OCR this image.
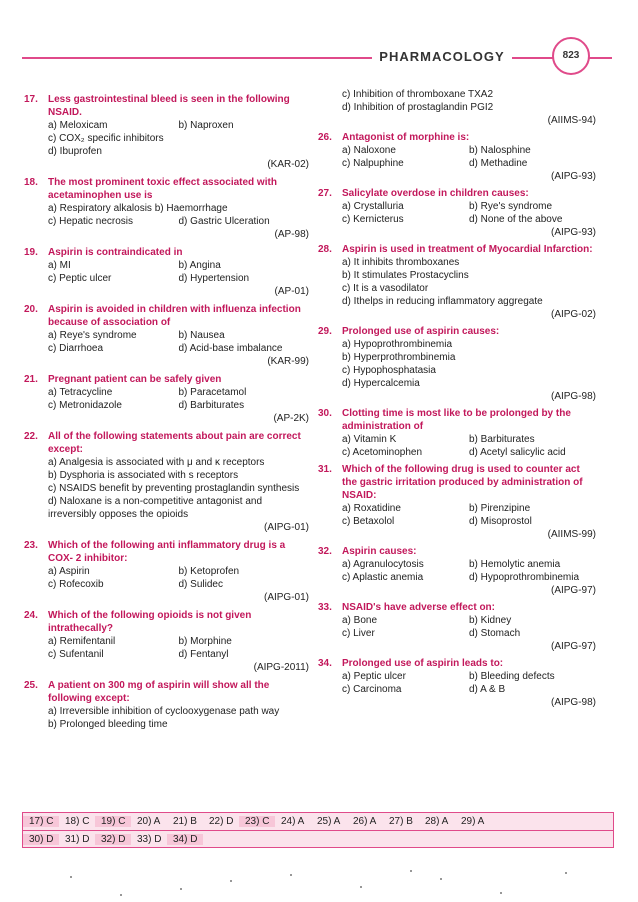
PHARMACOLOGY	823
17.	Less gastrointestinal bleed is seen in the following NSAID.
a) Meloxicam	b) Naproxen
c) COX₂ specific inhibitors
d) Ibuprofen
(KAR-02)
18.	The most prominent toxic effect associated with acetaminophen use is
a) Respiratory alkalosis b) Haemorrhage
c) Hepatic necrosis	d) Gastric Ulceration
(AP-98)
19.	Aspirin is contraindicated in
a) MI	b) Angina
c) Peptic ulcer	d) Hypertension
(AP-01)
20.	Aspirin is avoided in children with influenza infection because of association of
a) Reye's syndrome	b) Nausea
c) Diarrhoea	d) Acid-base imbalance
(KAR-99)
21.	Pregnant patient can be safely given
a) Tetracycline	b) Paracetamol
c) Metronidazole	d) Barbiturates
(AP-2K)
22.	All of the following statements about pain are correct except:
a) Analgesia is associated with μ and κ receptors
b) Dysphoria is associated with s receptors
c) NSAIDS benefit by preventing prostaglandin synthesis
d) Naloxane is a non-competitive antagonist and irreversibly opposes the opioids
(AIPG-01)
23.	Which of the following anti inflammatory drug is a COX- 2 inhibitor:
a) Aspirin	b) Ketoprofen
c) Rofecoxib	d) Sulidec
(AIPG-01)
24.	Which of the following opioids is not given intrathecally?
a) Remifentanil	b) Morphine
c) Sufentanil	d) Fentanyl
(AIPG-2011)
25.	A patient on 300 mg of aspirin will show all the following except:
a) Irreversible inhibition of cyclooxygenase path way
b) Prolonged bleeding time
c) Inhibition of thromboxane TXA2
d) Inhibition of prostaglandin PGI2
(AIIMS-94)
26.	Antagonist of morphine is:
a) Naloxone	b) Nalosphine
c) Nalpuphine	d) Methadine
(AIPG-93)
27.	Salicylate overdose in children causes:
a) Crystalluria	b) Rye's syndrome
c) Kernicterus	d) None of the above
(AIPG-93)
28.	Aspirin is used in treatment of Myocardial Infarction:
a) It inhibits thromboxanes
b) It stimulates Prostacyclins
c) It is a vasodilator
d) Ithelps in reducing inflammatory aggregate
(AIPG-02)
29.	Prolonged use of aspirin causes:
a) Hypoprothrombinemia
b) Hyperprothrombinemia
c) Hypophosphatasia
d) Hypercalcemia
(AIPG-98)
30.	Clotting time is most like to be prolonged by the administration of
a) Vitamin K	b) Barbiturates
c) Acetominophen	d) Acetyl salicylic acid
31.	Which of the following drug is used to counter act the gastric irritation produced by administration of NSAID:
a) Roxatidine	b) Pirenzipine
c) Betaxolol	d) Misoprostol
(AIIMS-99)
32.	Aspirin causes:
a) Agranulocytosis	b) Hemolytic anemia
c) Aplastic anemia	d) Hypoprothrombinemia
(AIPG-97)
33.	NSAID's have adverse effect on:
a) Bone	b) Kidney
c) Liver	d) Stomach
(AIPG-97)
34.	Prolonged use of aspirin leads to:
a) Peptic ulcer	b) Bleeding defects
c) Carcinoma	d) A & B
(AIPG-98)
17) C	18) C	19) C	20) A	21) B	22) D	23) C	24) A	25) A	26) A	27) B	28) A	29) A
30) D	31) D	32) D	33) D	34) D
